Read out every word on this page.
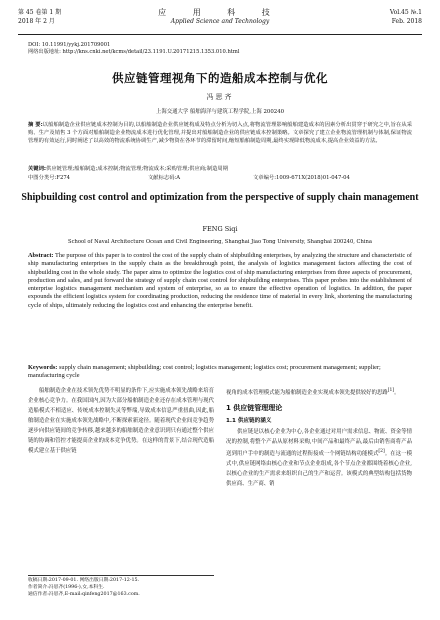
第 45 卷第 1 期
2018 年 2 月
应 用 科 技
Applied Science and Technology
Vol.45 №.1
Feb. 2018
DOI: 10.11991/yykj.201709001
网络出版地址: http://kns.cnki.net/kcms/detail/23.1191.U.20171215.1353.010.html
供应链管理视角下的造船成本控制与优化
冯思齐
上海交通大学 船舶海洋与建筑工程学院,上海 200240
摘 要:以船舶制造企业供应链成本控制为目的,以船舶制造企业供应链构成及特点分析为切入点,将物流管理影响船舶建造成本的因素分析出贯穿于研究之中,旨在从采购、生产及销售 3 个方面对船舶制造企业物流成本进行优化管理,并提出对船舶制造企业的供应链成本控制策略。文章探究了建立企业物流管理机制与体制,保证物流管理的有效运行,同时阐述了以高效的物流系统协调生产,减少物资在各环节的滞留时间,缩短船舶制造周期,最终实现降低物流成本,提高企业效益的方法。
关键词:供应链管理;船舶制造;成本控制;物流管理;物流成本;采购管理;供应商;制造周期
中图分类号:F274	文献标志码:A	文章编号:1009-671X(2018)01-047-04
Shipbuilding cost control and optimization from the perspective of supply chain management
FENG Siqi
School of Naval Architecture Ocean and Civil Engineering, Shanghai Jiao Tong University, Shanghai 200240, China
Abstract: The purpose of this paper is to control the cost of the supply chain of shipbuilding enterprises, by analyzing the structure and characteristic of ship manufacturing enterprises in the supply chain as the breakthrough point, the analysis of logistics management factors affecting the cost of shipbuilding cost in the whole study. The paper aims to optimize the logistics cost of ship manufacturing enterprises from three aspects of procurement, production and sales, and put forward the strategy of supply chain cost control for shipbuilding enterprises. This paper probes into the establishment of enterprise logistics management mechanism and system of enterprise, so as to ensure the effective operation of logistics. In addition, the paper expounds the efficient logistics system for coordinating production, reducing the residence time of material in every link, shortening the manufacturing cycle of ships, ultimately reducing the logistics cost and enhancing the enterprise benefit.
Keywords: supply chain management; shipbuilding; cost control; logistics management; logistics cost; procurement management; supplier; manufacturing cycle

船舶制造企业在技术领先优势不明显的条件下,应实施成本领先战略来培育企业核心竞争力。在我国国内,因为大部分船舶制造企业还存在成本管理与现代造船模式不相适应、传统成本控制失灵等弊端,导致成本信息严重扭曲,因此,船舶制造企业在实施成本领先战略中,不断探索新途径。随着现代企业间竞争趋势逐步向供应链间的竞争转移,越来越多的船舶制造企业意识到只有通过整个供应链的协调和管控才能提高企业的成本竞争优势。在这样的背景下,结合现代造船模式建立基于供应链

视角的成本管理模式能为船舶制造企业实现成本领先提供较好的思路[1]。

1 供应链管理理论
1.1 供应链的涵义

供应链是以核心企业为中心,各企业通过对用户需求信息、物流、资金等情况的控制,将整个产品从原材料采购,中间产品和最终产品,最后由销售商将产品送到用户手中的制造与流通的过程衔接成一个网链结构功能模式[2]。在这一模式中,供应链网络由核心企业和节点企业组成,各个节点企业都围绕着核心企业,以核心企业的生产需求来组织自己的生产和运营。该模式的典型结构包括货物供应商、生产商、销

收稿日期:2017-09-01. 网络出版日期:2017-12-15.
作者简介:冯思齐(1996-),女,本科生.
通信作者:冯思齐,E-mail:qinfeng2017@163.com.
